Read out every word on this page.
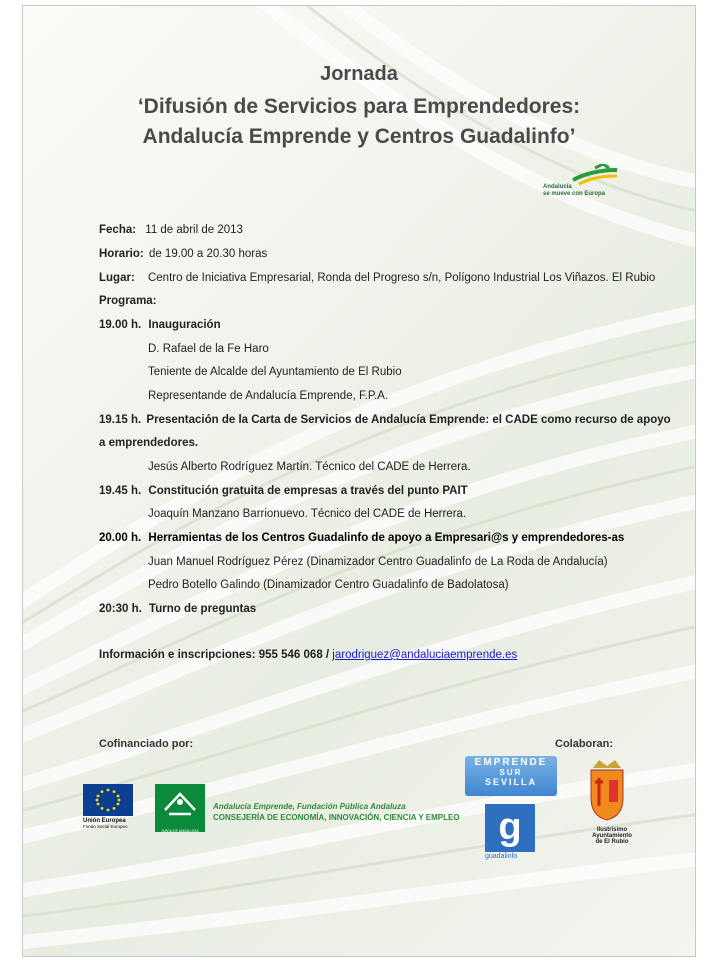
Jornada
‘Difusión de Servicios para Emprendedores:
Andalucía Emprende y Centros Guadalinfo’
Andalucía
se mueve con Europa
Fecha: 11 de abril de 2013
Horario: de 19.00 a 20.30 horas
Lugar: Centro de Iniciativa Empresarial, Ronda del Progreso s/n, Polígono Industrial Los Viñazos. El Rubio
Programa:
19.00 h. Inauguración
D. Rafael de la Fe Haro
Teniente de Alcalde del Ayuntamiento de El Rubio
Representande de Andalucía Emprende, F.P.A.
19.15 h. Presentación de la Carta de Servicios de Andalucía Emprende: el CADE como recurso de apoyo
a emprendedores.
Jesús Alberto Rodríguez Martín. Técnico del CADE de Herrera.
19.45 h. Constitución gratuita de empresas a través del punto PAIT
Joaquín Manzano Barrionuevo. Técnico del CADE de Herrera.
20.00 h. Herramientas de los Centros Guadalinfo de apoyo a Empresari@s y emprendedores-as
Juan Manuel Rodríguez Pérez (Dinamizador Centro Guadalinfo de La Roda de Andalucía)
Pedro Botello Galindo (Dinamizador Centro Guadalinfo de Badolatosa)
20:30 h. Turno de preguntas
Información e inscripciones: 955 546 068 / jarodriguez@andaluciaemprende.es
Cofinanciado por:	Colaboran:
Unión Europea
Fondo Social Europeo
JUNTA DE ANDALUCÍA
Andalucía Emprende, Fundación Pública Andaluza
CONSEJERÍA DE ECONOMÍA, INNOVACIÓN, CIENCIA Y EMPLEO
EMPRENDE
SUR
SEVILLA
g
guadalinfo
Ilustrísimo
Ayuntamiento
de El Rubio
